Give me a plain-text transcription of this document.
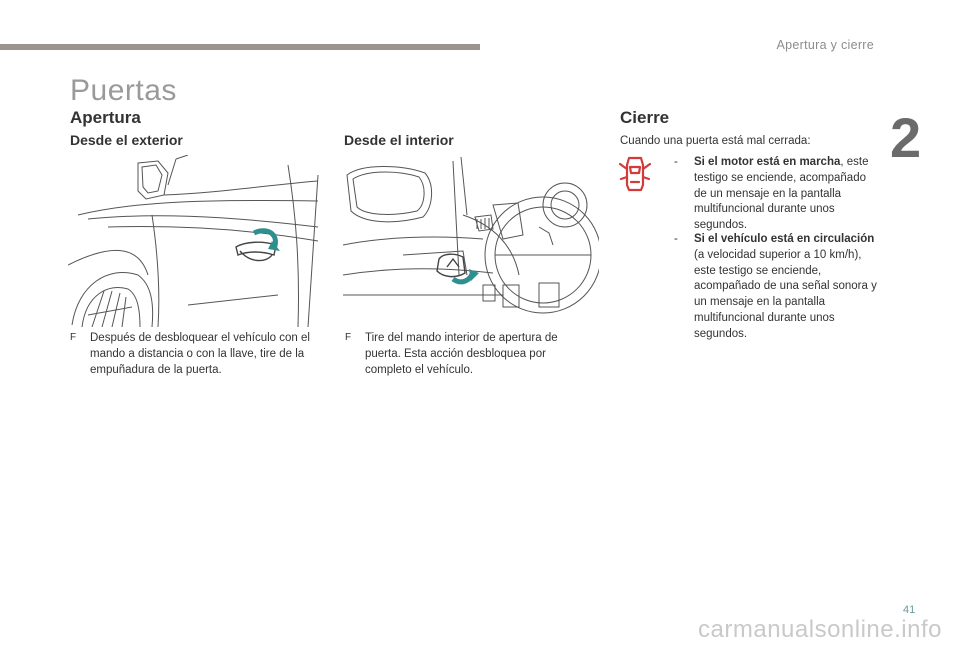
Apertura y cierre
2
Puertas
Apertura
Desde el exterior	Desde el interior
Cierre
F	Después de desbloquear el vehículo con el mando a distancia o con la llave, tire de la empuñadura de la puerta.
F	Tire del mando interior de apertura de puerta. Esta acción desbloquea por completo el vehículo.
Cuando una puerta está mal cerrada:
-	Si el motor está en marcha, este testigo se enciende, acompañado de un mensaje en la pantalla multifuncional durante unos segundos.
-	Si el vehículo está en circulación (a velocidad superior a 10 km/h), este testigo se enciende, acompañado de una señal sonora y un mensaje en la pantalla multifuncional durante unos segundos.
41
carmanualsonline.info
